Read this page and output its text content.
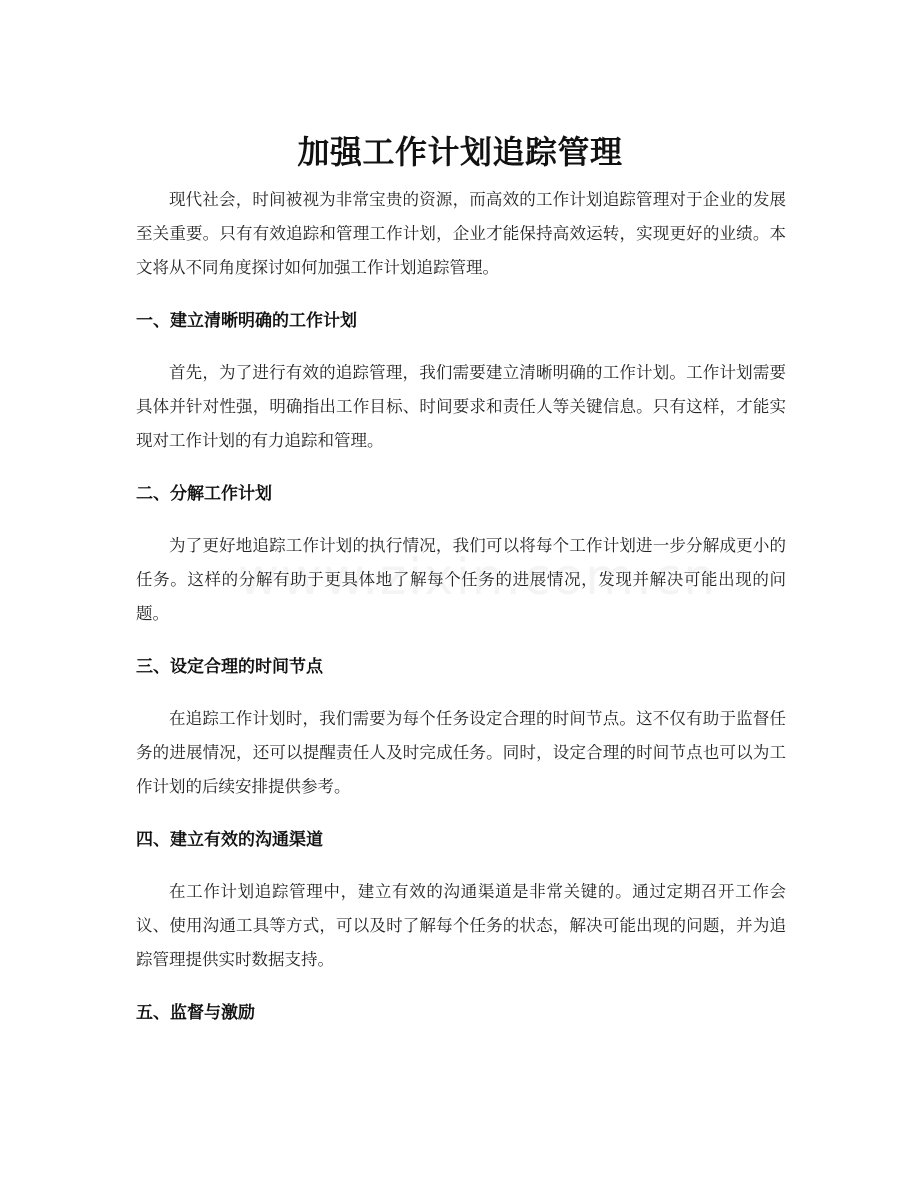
加强工作计划追踪管理

现代社会，时间被视为非常宝贵的资源，而高效的工作计划追踪管理对于企业的发展至关重要。只有有效追踪和管理工作计划，企业才能保持高效运转，实现更好的业绩。本文将从不同角度探讨如何加强工作计划追踪管理。

一、建立清晰明确的工作计划

首先，为了进行有效的追踪管理，我们需要建立清晰明确的工作计划。工作计划需要具体并针对性强，明确指出工作目标、时间要求和责任人等关键信息。只有这样，才能实现对工作计划的有力追踪和管理。

二、分解工作计划

为了更好地追踪工作计划的执行情况，我们可以将每个工作计划进一步分解成更小的任务。这样的分解有助于更具体地了解每个任务的进展情况，发现并解决可能出现的问题。

三、设定合理的时间节点

在追踪工作计划时，我们需要为每个任务设定合理的时间节点。这不仅有助于监督任务的进展情况，还可以提醒责任人及时完成任务。同时，设定合理的时间节点也可以为工作计划的后续安排提供参考。

四、建立有效的沟通渠道

在工作计划追踪管理中，建立有效的沟通渠道是非常关键的。通过定期召开工作会议、使用沟通工具等方式，可以及时了解每个任务的状态，解决可能出现的问题，并为追踪管理提供实时数据支持。

五、监督与激励
